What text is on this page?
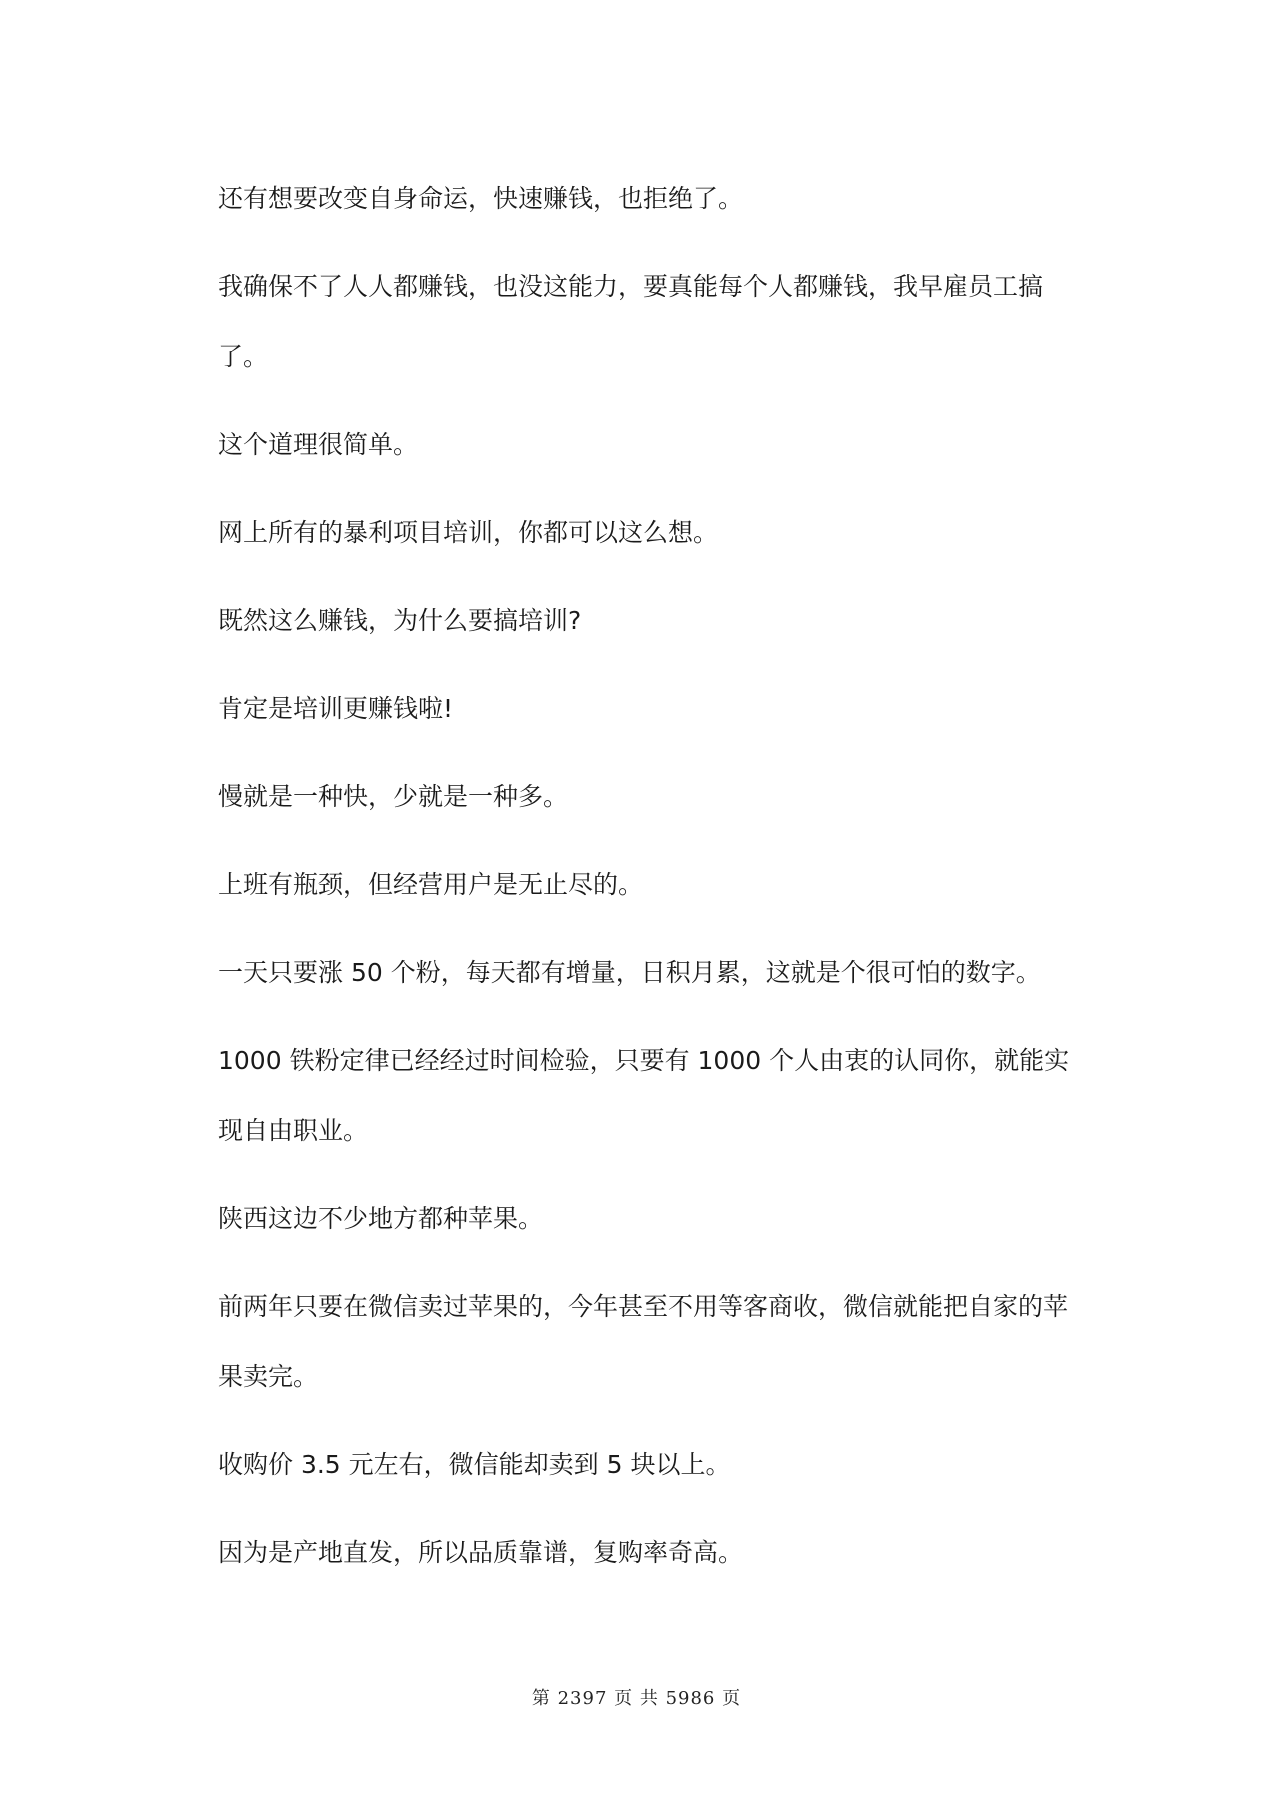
还有想要改变自身命运，快速赚钱，也拒绝了。

我确保不了人人都赚钱，也没这能力，要真能每个人都赚钱，我早雇员工搞了。

这个道理很简单。

网上所有的暴利项目培训，你都可以这么想。

既然这么赚钱，为什么要搞培训?

肯定是培训更赚钱啦!

慢就是一种快，少就是一种多。

上班有瓶颈，但经营用户是无止尽的。

一天只要涨 50 个粉，每天都有增量，日积月累，这就是个很可怕的数字。

1000 铁粉定律已经经过时间检验，只要有 1000 个人由衷的认同你，就能实现自由职业。

陕西这边不少地方都种苹果。

前两年只要在微信卖过苹果的，今年甚至不用等客商收，微信就能把自家的苹果卖完。

收购价 3.5 元左右，微信能却卖到 5 块以上。

因为是产地直发，所以品质靠谱，复购率奇高。

第 2397 页 共 5986 页
